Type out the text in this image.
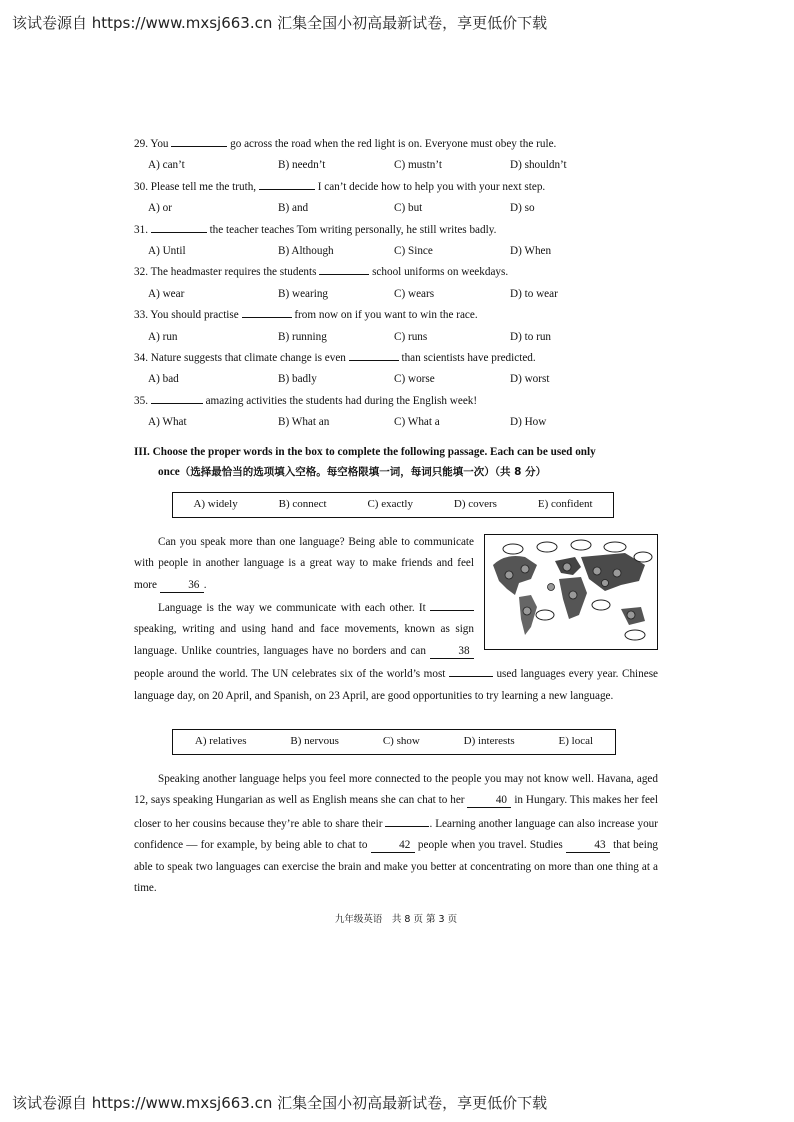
该试卷源自 https://www.mxsj663.cn 汇集全国小初高最新试卷，享更低价下载
29. You	go across the road when the red light is on. Everyone must obey the rule.
A) can’t	B) needn’t	C) mustn’t	D) shouldn’t
30. Please tell me the truth,	I can’t decide how to help you with your next step.
A) or	B) and	C) but	D) so
31.	the teacher teaches Tom writing personally, he still writes badly.
A) Until	B) Although	C) Since	D) When
32. The headmaster requires the students	school uniforms on weekdays.
A) wear	B) wearing	C) wears	D) to wear
33. You should practise	from now on if you want to win the race.
A) run	B) running	C) runs	D) to run
34. Nature suggests that climate change is even	than scientists have predicted.
A) bad	B) badly	C) worse	D) worst
35.	amazing activities the students had during the English week!
A) What	B) What an	C) What a	D) How
III. Choose the proper words in the box to complete the following passage. Each can be used only
once（选择最恰当的选项填入空格。每空格限填一词，每词只能填一次）（共 8 分）
A) widely	B) connect	C) exactly	D) covers	E) confident
Can you speak more than one language? Being able to communicate with people in another language is a great way to make friends and feel more	36 .
Language is the way we communicate with each other. It  speaking, writing and using hand and face movements, known as sign language. Unlike countries, languages have no borders and can	38 people around the world. The UN celebrates six of the world’s most	used languages every year. Chinese language day, on 20 April, and Spanish, on 23 April, are good opportunities to try learning a new language.
A) relatives	B) nervous	C) show	D) interests	E) local
Speaking another language helps you feel more connected to the people you may not know well. Havana, aged 12, says speaking Hungarian as well as English means she can chat to her	40 in Hungary. This makes her feel closer to her cousins because they’re able to share their	. Learning another language can also increase your confidence — for example, by being able to chat to	42 people when you travel. Studies	43 that being able to speak two languages can exercise the brain and make you better at concentrating on more than one thing at a time.
九年级英语　共 8 页 第 3 页
该试卷源自 https://www.mxsj663.cn 汇集全国小初高最新试卷，享更低价下载
